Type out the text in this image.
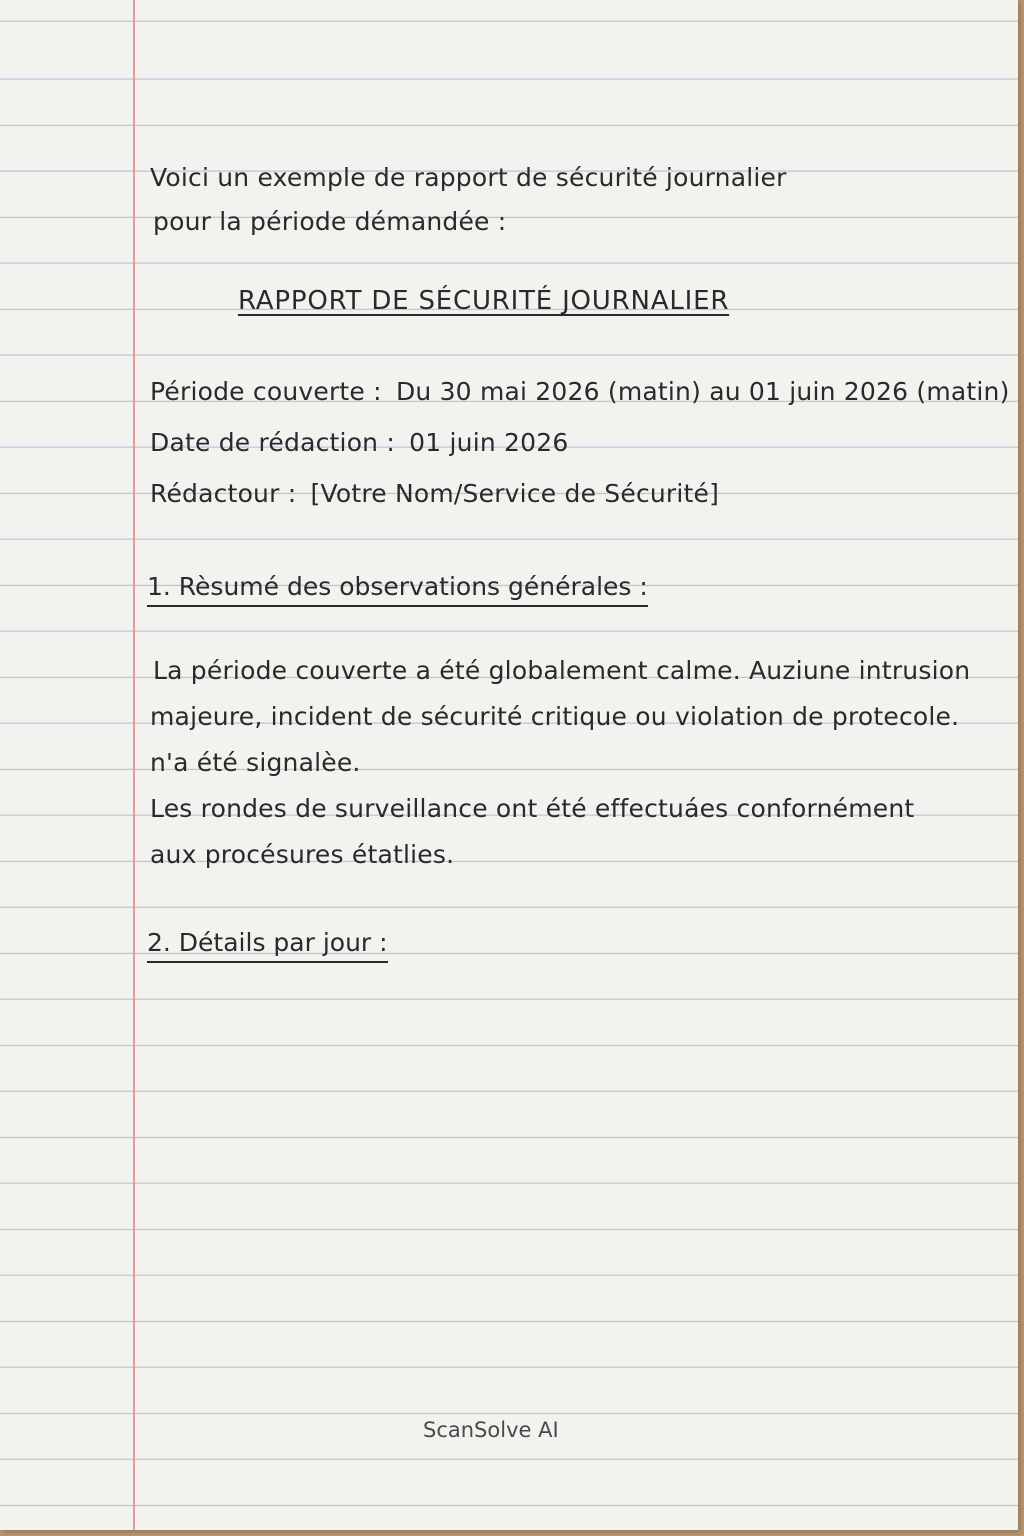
Voici un exemple de rapport de sécurité journalier
pour la période démandée :
RAPPORT DE SÉCURITÉ JOURNALIER
Période couverte : Du 30 mai 2026 (matin) au 01 juin 2026 (matin)
Date de rédaction : 01 juin 2026
Rédactour : [Votre Nom/Service de Sécurité]
1. Rèsumé des observations générales :
La période couverte a été globalement calme. Auziune intrusion
majeure, incident de sécurité critique ou violation de protecole.
n'a été signalèe.
Les rondes de surveillance ont été effectuáes confornément
aux procésures étatlies.
2. Détails par jour :
ScanSolve AI
